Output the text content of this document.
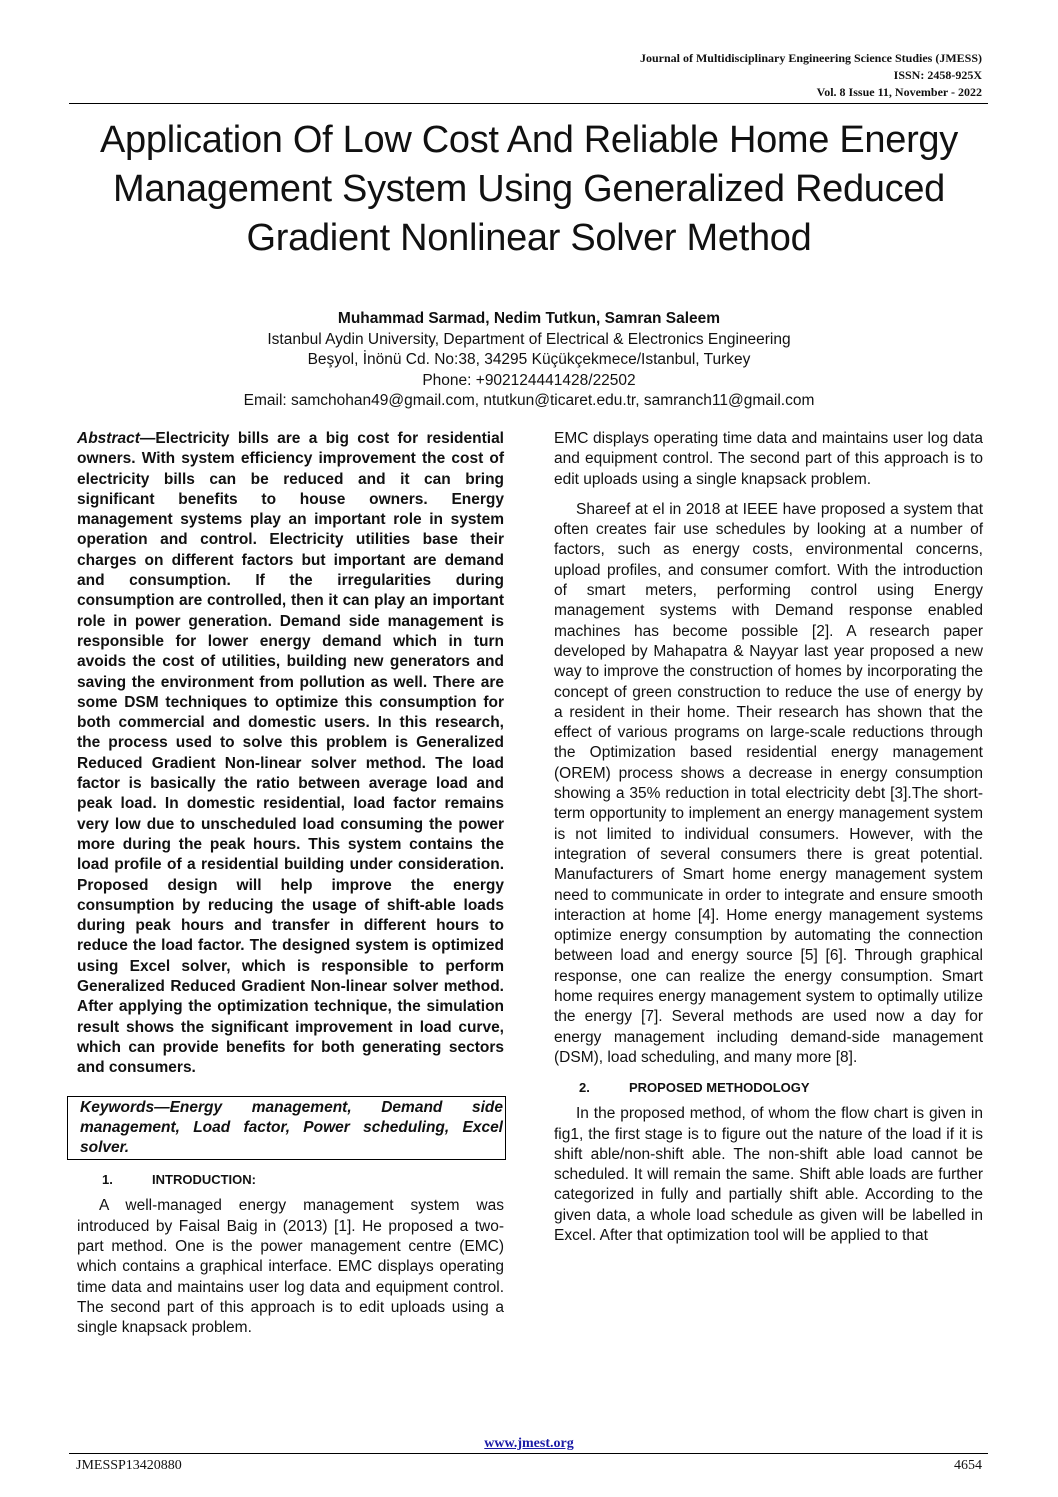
Journal of Multidisciplinary Engineering Science Studies (JMESS)
ISSN: 2458-925X
Vol. 8 Issue 11, November - 2022
Application Of Low Cost And Reliable Home Energy Management System Using Generalized Reduced Gradient Nonlinear Solver Method
Muhammad Sarmad, Nedim Tutkun, Samran Saleem
Istanbul Aydin University, Department of Electrical & Electronics Engineering
Beşyol, İnönü Cd. No:38, 34295 Küçükçekmece/Istanbul, Turkey
Phone: +902124441428/22502
Email: samchohan49@gmail.com, ntutkun@ticaret.edu.tr, samranch11@gmail.com

Abstract—Electricity bills are a big cost for residential owners. With system efficiency improvement the cost of electricity bills can be reduced and it can bring significant benefits to house owners. Energy management systems play an important role in system operation and control. Electricity utilities base their charges on different factors but important are demand and consumption. If the irregularities during consumption are controlled, then it can play an important role in power generation. Demand side management is responsible for lower energy demand which in turn avoids the cost of utilities, building new generators and saving the environment from pollution as well. There are some DSM techniques to optimize this consumption for both commercial and domestic users. In this research, the process used to solve this problem is Generalized Reduced Gradient Non-linear solver method. The load factor is basically the ratio between average load and peak load. In domestic residential, load factor remains very low due to unscheduled load consuming the power more during the peak hours. This system contains the load profile of a residential building under consideration. Proposed design will help improve the energy consumption by reducing the usage of shift-able loads during peak hours and transfer in different hours to reduce the load factor. The designed system is optimized using Excel solver, which is responsible to perform Generalized Reduced Gradient Non-linear solver method. After applying the optimization technique, the simulation result shows the significant improvement in load curve, which can provide benefits for both generating sectors and consumers.

Keywords—Energy management, Demand side management, Load factor, Power scheduling, Excel solver.
1.	INTRODUCTION:

A well-managed energy management system was introduced by Faisal Baig in (2013) [1]. He proposed a two-part method. One is the power management centre (EMC) which contains a graphical interface. EMC displays operating time data and maintains user log data and equipment control. The second part of this approach is to edit uploads using a single knapsack problem.

EMC displays operating time data and maintains user log data and equipment control. The second part of this approach is to edit uploads using a single knapsack problem.

Shareef at el in 2018 at IEEE have proposed a system that often creates fair use schedules by looking at a number of factors, such as energy costs, environmental concerns, upload profiles, and consumer comfort. With the introduction of smart meters, performing control using Energy management systems with Demand response enabled machines has become possible [2]. A research paper developed by Mahapatra & Nayyar last year proposed a new way to improve the construction of homes by incorporating the concept of green construction to reduce the use of energy by a resident in their home. Their research has shown that the effect of various programs on large-scale reductions through the Optimization based residential energy management (OREM) process shows a decrease in energy consumption showing a 35% reduction in total electricity debt [3].The short-term opportunity to implement an energy management system is not limited to individual consumers. However, with the integration of several consumers there is great potential. Manufacturers of Smart home energy management system need to communicate in order to integrate and ensure smooth interaction at home [4]. Home energy management systems optimize energy consumption by automating the connection between load and energy source [5] [6]. Through graphical response, one can realize the energy consumption. Smart home requires energy management system to optimally utilize the energy [7]. Several methods are used now a day for energy management including demand-side management (DSM), load scheduling, and many more [8].

2.	PROPOSED METHODOLOGY

In the proposed method, of whom the flow chart is given in fig1, the first stage is to figure out the nature of the load if it is shift able/non-shift able. The non-shift able load cannot be scheduled. It will remain the same. Shift able loads are further categorized in fully and partially shift able. According to the given data, a whole load schedule as given will be labelled in Excel. After that optimization tool will be applied to that

www.jmest.org
JMESSP13420880	4654
